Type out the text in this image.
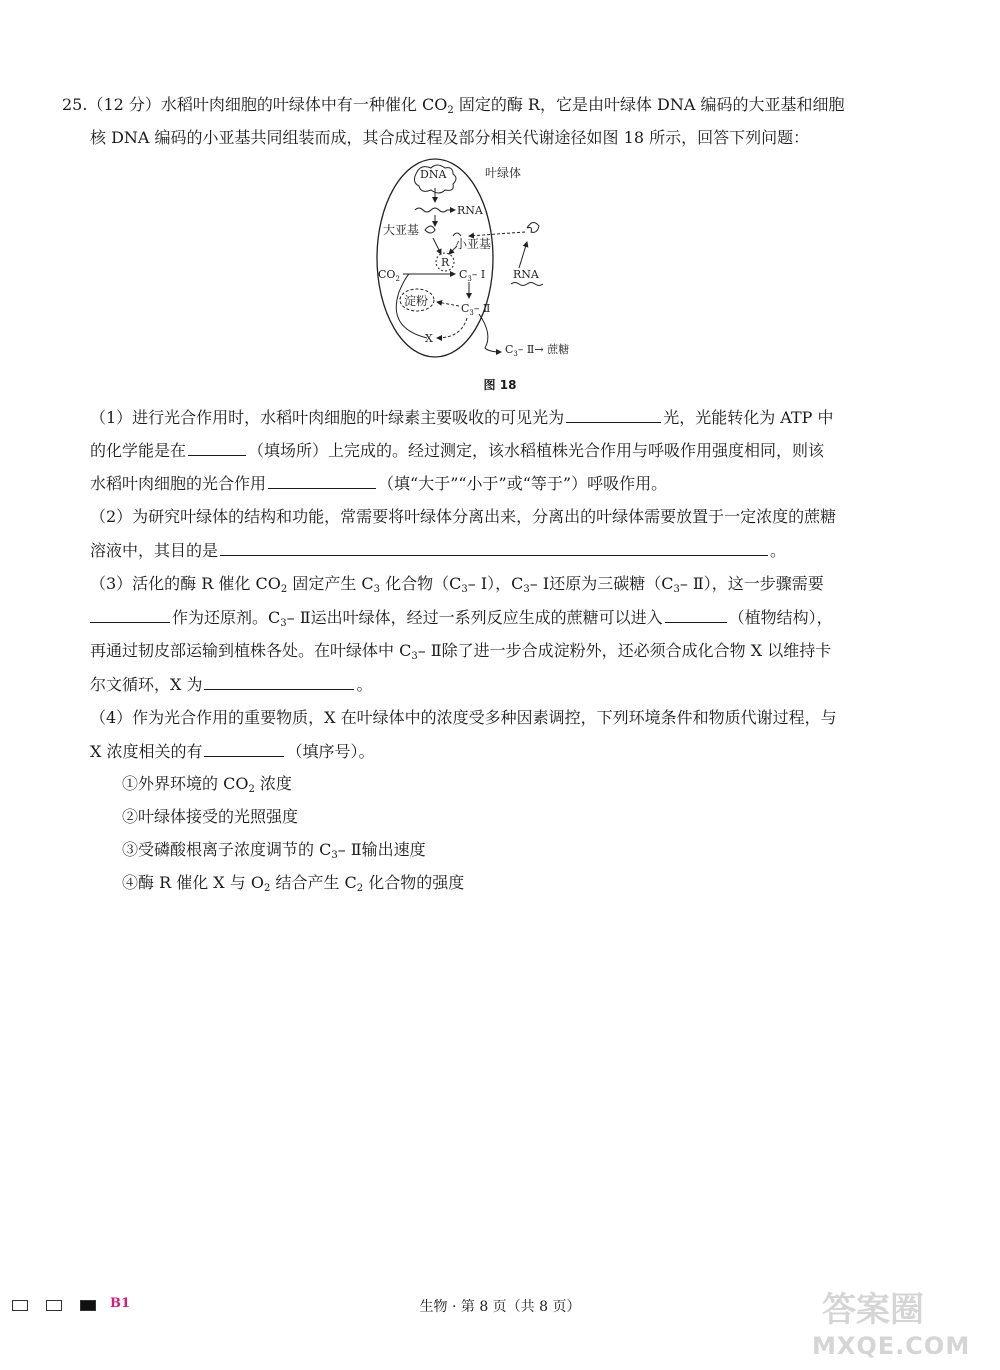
25.（12 分）水稻叶肉细胞的叶绿体中有一种催化 $CO_2$ 固定的酶 R，它是由叶绿体 DNA 编码的大亚基和细胞
核 DNA 编码的小亚基共同组装而成，其合成过程及部分相关代谢途径如图 18 所示，回答下列问题：
DNA	叶绿体
RNA
大亚基
小亚基
RNA
R
$CO_2$	$C_3-$ Ⅰ
$C_3-$ Ⅱ
淀粉
X
$C_3-$ Ⅱ→ 蔗糖
图 18
（1）进行光合作用时，水稻叶肉细胞的叶绿素主要吸收的可见光为	光，光能转化为 ATP 中
的化学能是在	（填场所）上完成的。经过测定，该水稻植株光合作用与呼吸作用强度相同，则该
水稻叶肉细胞的光合作用	（填“大于”“小于”或“等于”）呼吸作用。
（2）为研究叶绿体的结构和功能，常需要将叶绿体分离出来，分离出的叶绿体需要放置于一定浓度的蔗糖
溶液中，其目的是	。
（3）活化的酶 R 催化 $CO_2$ 固定产生 $C_3$ 化合物（$C_3-$ Ⅰ），$C_3-$ Ⅰ还原为三碳糖（$C_3-$ Ⅱ），这一步骤需要
作为还原剂。$C_3-$ Ⅱ运出叶绿体，经过一系列反应生成的蔗糖可以进入	（植物结构），
再通过韧皮部运输到植株各处。在叶绿体中 $C_3-$ Ⅱ除了进一步合成淀粉外，还必须合成化合物 X 以维持卡
尔文循环，X 为	。
（4）作为光合作用的重要物质，X 在叶绿体中的浓度受多种因素调控，下列环境条件和物质代谢过程，与
X 浓度相关的有	（填序号）。
①外界环境的 $CO_2$ 浓度
②叶绿体接受的光照强度
③受磷酸根离子浓度调节的 $C_3-$ Ⅱ输出速度
④酶 R 催化 X 与 $O_2$ 结合产生 $C_2$ 化合物的强度
B1	生物 · 第 8 页（共 8 页）	答案圈
MXQE.COM
